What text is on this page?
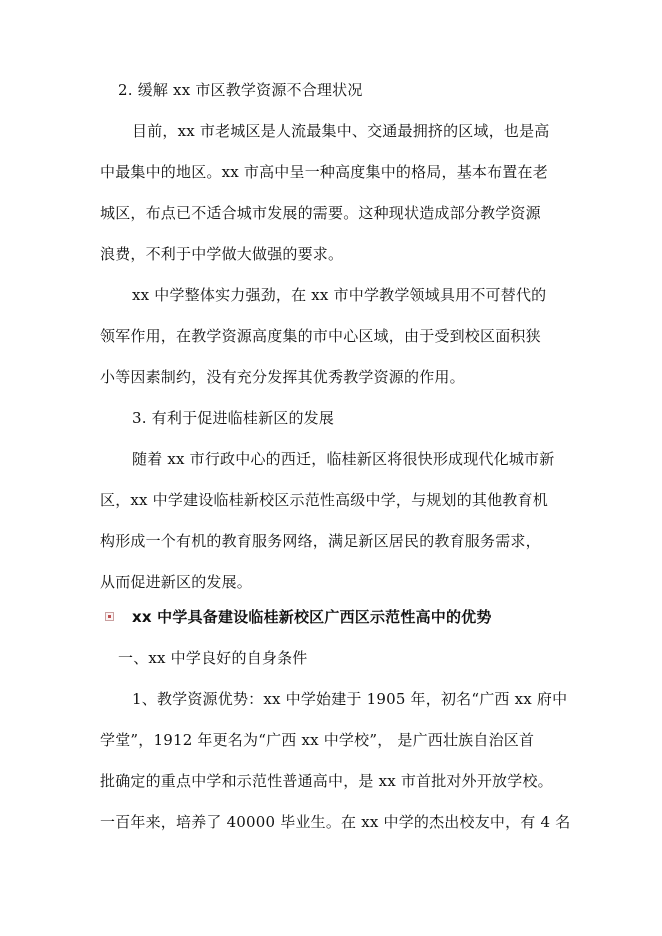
2. 缓解 xx 市区教学资源不合理状况
目前，xx 市老城区是人流最集中、交通最拥挤的区域，也是高
中最集中的地区。xx 市高中呈一种高度集中的格局，基本布置在老
城区，布点已不适合城市发展的需要。这种现状造成部分教学资源
浪费，不利于中学做大做强的要求。
xx 中学整体实力强劲，在 xx 市中学教学领域具用不可替代的
领军作用，在教学资源高度集的市中心区域，由于受到校区面积狭
小等因素制约，没有充分发挥其优秀教学资源的作用。
3. 有利于促进临桂新区的发展
随着 xx 市行政中心的西迁，临桂新区将很快形成现代化城市新
区，xx 中学建设临桂新校区示范性高级中学，与规划的其他教育机
构形成一个有机的教育服务网络，满足新区居民的教育服务需求，
从而促进新区的发展。
xx 中学具备建设临桂新校区广西区示范性高中的优势
一、xx 中学良好的自身条件
1、教学资源优势：xx 中学始建于 1905 年，初名“广西 xx 府中
学堂”，1912 年更名为“广西 xx 中学校”， 是广西壮族自治区首
批确定的重点中学和示范性普通高中，是 xx 市首批对外开放学校。
一百年来，培养了 40000 毕业生。在 xx 中学的杰出校友中，有 4 名
